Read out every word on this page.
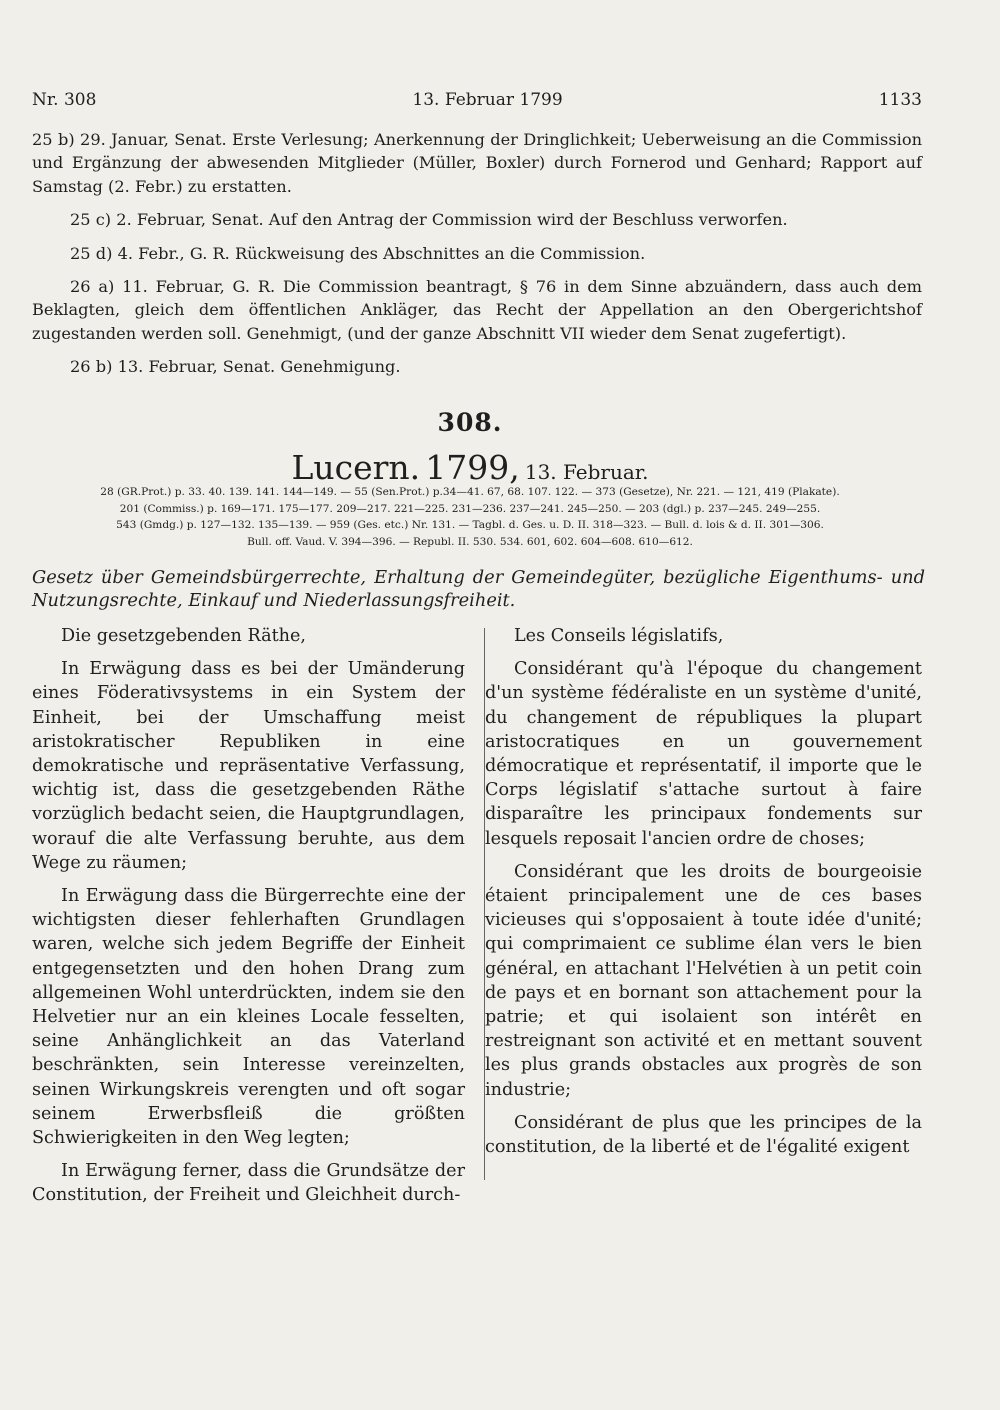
Nr. 308	13. Februar 1799	1133

25 b) 29. Januar, Senat. Erste Verlesung; Anerkennung der Dringlichkeit; Ueberweisung an die Commission und Ergänzung der abwesenden Mitglieder (Müller, Boxler) durch Fornerod und Genhard; Rapport auf Samstag (2. Febr.) zu erstatten.

25 c) 2. Februar, Senat. Auf den Antrag der Commission wird der Beschluss verworfen.

25 d) 4. Febr., G. R. Rückweisung des Abschnittes an die Commission.

26 a) 11. Februar, G. R. Die Commission beantragt, § 76 in dem Sinne abzuändern, dass auch dem Beklagten, gleich dem öffentlichen Ankläger, das Recht der Appellation an den Obergerichtshof zugestanden werden soll. Genehmigt, (und der ganze Abschnitt VII wieder dem Senat zugefertigt).

26 b) 13. Februar, Senat. Genehmigung.

308.
Lucern. 1799, 13. Februar.
28 (GR.Prot.) p. 33. 40. 139. 141. 144—149. — 55 (Sen.Prot.) p.34—41. 67, 68. 107. 122. — 373 (Gesetze), Nr. 221. — 121, 419 (Plakate).
201 (Commiss.) p. 169—171. 175—177. 209—217. 221—225. 231—236. 237—241. 245—250. — 203 (dgl.) p. 237—245. 249—255.
543 (Gmdg.) p. 127—132. 135—139. — 959 (Ges. etc.) Nr. 131. — Tagbl. d. Ges. u. D. II. 318—323. — Bull. d. lois & d. II. 301—306.
Bull. off. Vaud. V. 394—396. — Republ. II. 530. 534. 601, 602. 604—608. 610—612.
Gesetz über Gemeindsbürgerrechte, Erhaltung der Gemeindegüter, bezügliche Eigenthums- und Nutzungsrechte, Einkauf und Niederlassungsfreiheit.

Die gesetzgebenden Räthe,

In Erwägung dass es bei der Umänderung eines Föderativsystems in ein System der Einheit, bei der Umschaffung meist aristokratischer Republiken in eine demokratische und repräsentative Verfassung, wichtig ist, dass die gesetzgebenden Räthe vorzüglich bedacht seien, die Hauptgrundlagen, worauf die alte Verfassung beruhte, aus dem Wege zu räumen;

In Erwägung dass die Bürgerrechte eine der wichtigsten dieser fehlerhaften Grundlagen waren, welche sich jedem Begriffe der Einheit entgegensetzten und den hohen Drang zum allgemeinen Wohl unterdrückten, indem sie den Helvetier nur an ein kleines Locale fesselten, seine Anhänglichkeit an das Vaterland beschränkten, sein Interesse vereinzelten, seinen Wirkungskreis verengten und oft sogar seinem Erwerbsfleiß die größten Schwierigkeiten in den Weg legten;

In Erwägung ferner, dass die Grundsätze der Constitution, der Freiheit und Gleichheit durch-

Les Conseils législatifs,

Considérant qu'à l'époque du changement d'un système fédéraliste en un système d'unité, du changement de républiques la plupart aristocratiques en un gouvernement démocratique et représentatif, il importe que le Corps législatif s'attache surtout à faire disparaître les principaux fondements sur lesquels reposait l'ancien ordre de choses;

Considérant que les droits de bourgeoisie étaient principalement une de ces bases vicieuses qui s'opposaient à toute idée d'unité; qui comprimaient ce sublime élan vers le bien général, en attachant l'Helvétien à un petit coin de pays et en bornant son attachement pour la patrie; et qui isolaient son intérêt en restreignant son activité et en mettant souvent les plus grands obstacles aux progrès de son industrie;

Considérant de plus que les principes de la constitution, de la liberté et de l'égalité exigent
